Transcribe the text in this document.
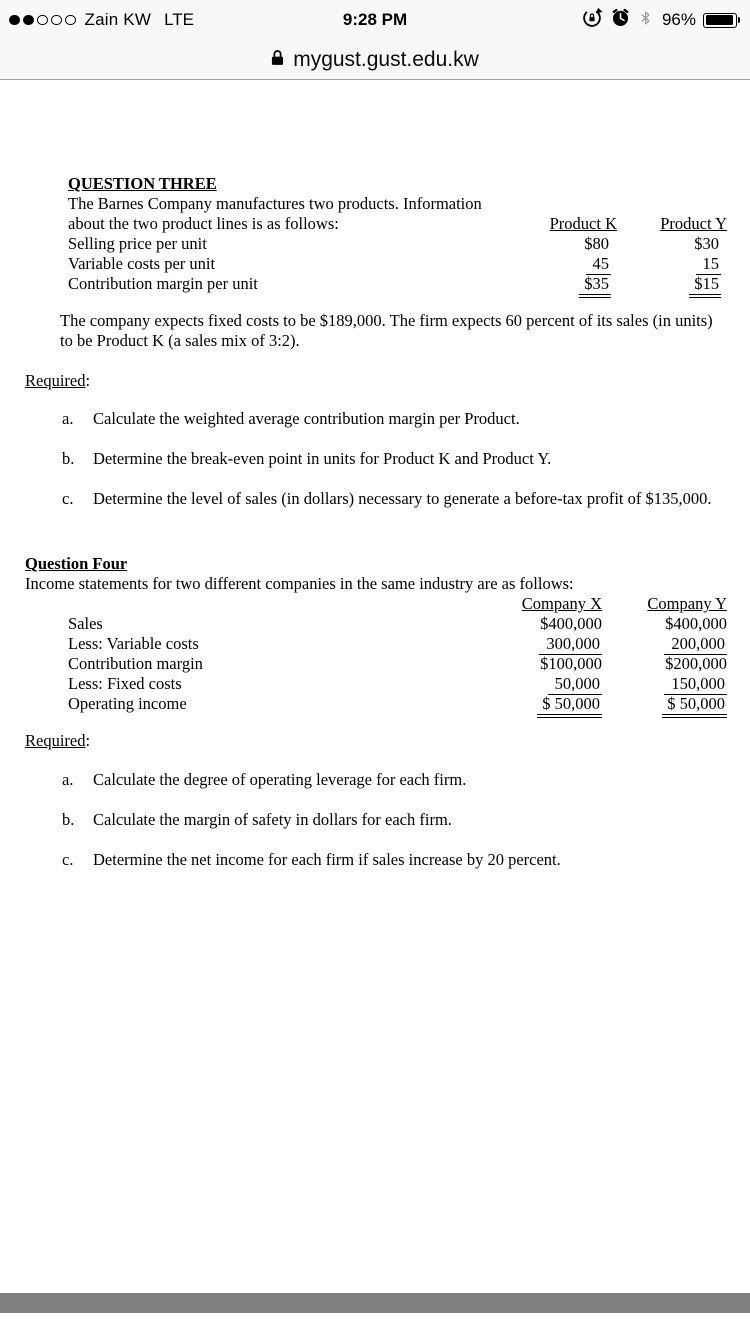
Zain KW LTE	9:28 PM	96%
mygust.gust.edu.kw
QUESTION THREE
The Barnes Company manufactures two products. Information
about the two product lines is as follows:	Product K	Product Y
Selling price per unit	$80	$30
Variable costs per unit	45	15
Contribution margin per unit	$35	$15
The company expects fixed costs to be $189,000. The firm expects 60 percent of its sales (in units)
to be Product K (a sales mix of 3:2).
Required:
a.	Calculate the weighted average contribution margin per Product.
b.	Determine the break-even point in units for Product K and Product Y.
c.	Determine the level of sales (in dollars) necessary to generate a before-tax profit of $135,000.
Question Four
Income statements for two different companies in the same industry are as follows:
Company X	Company Y
Sales	$400,000	$400,000
Less: Variable costs	300,000	200,000
Contribution margin	$100,000	$200,000
Less: Fixed costs	50,000	150,000
Operating income	$ 50,000	$ 50,000
Required:
a.	Calculate the degree of operating leverage for each firm.
b.	Calculate the margin of safety in dollars for each firm.
c.	Determine the net income for each firm if sales increase by 20 percent.
